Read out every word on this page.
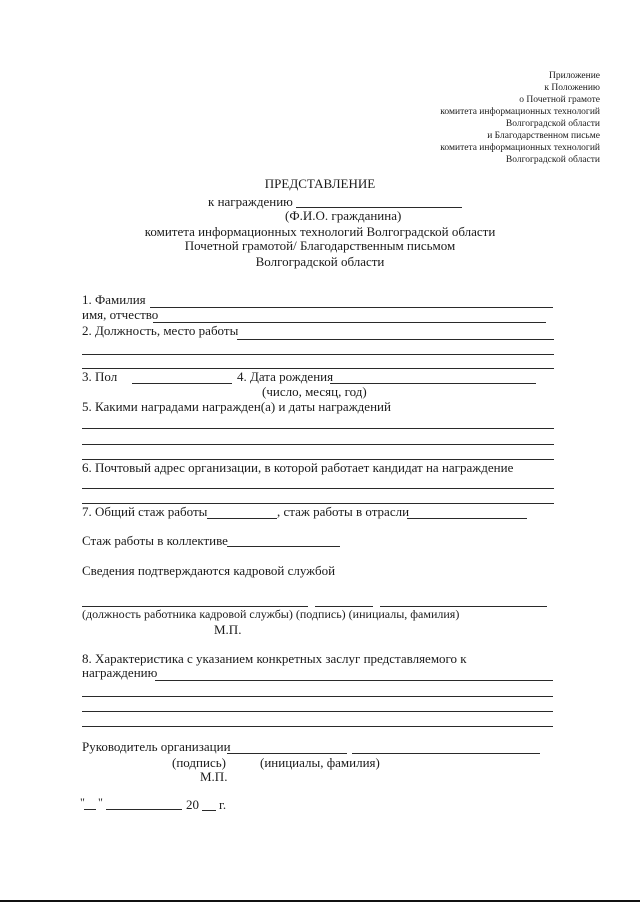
Приложение
к Положению
о Почетной грамоте
комитета информационных технологий
Волгоградской области
и Благодарственном письме
комитета информационных технологий
Волгоградской области
ПРЕДСТАВЛЕНИЕ
к награждению
(Ф.И.О. гражданина)
комитета информационных технологий Волгоградской области
Почетной грамотой/ Благодарственным письмом
Волгоградской области
1. Фамилия
имя, отчество
2. Должность, место работы
3. Пол	4. Дата рождения
(число, месяц, год)
5. Какими наградами награжден(а) и даты награждений
6. Почтовый адрес организации, в которой работает кандидат на награждение
7. Общий стаж работы	, стаж работы в отрасли
Стаж работы в коллективе
Сведения подтверждаются кадровой службой
(должность работника кадровой службы) (подпись) (инициалы, фамилия)
М.П.
8. Характеристика с указанием конкретных заслуг представляемого к
награждению
Руководитель организации
(подпись)	(инициалы, фамилия)
М.П.
" "	20 г.
